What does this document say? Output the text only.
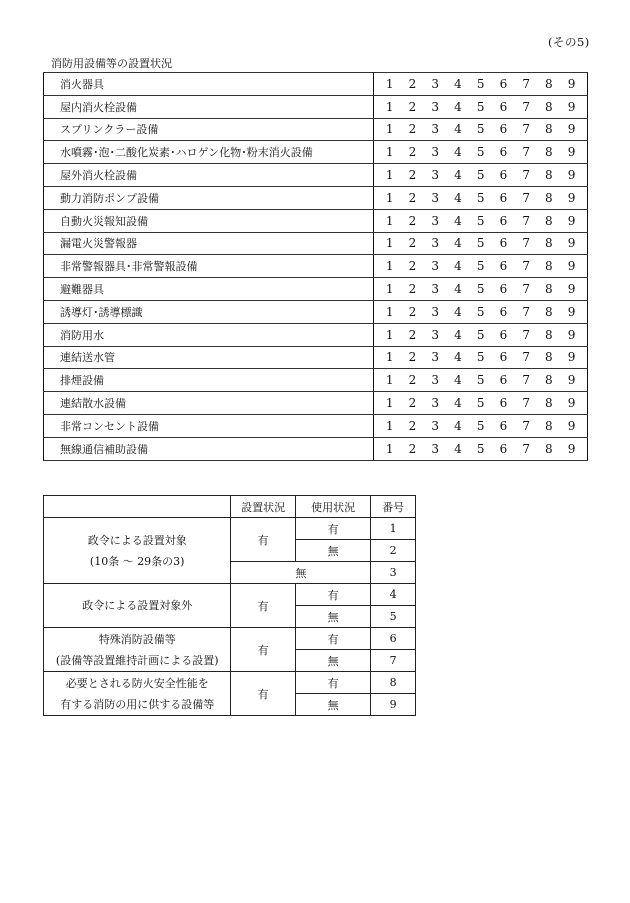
(その5)
消防用設備等の設置状況
消火器具	1	2	3	4	5	6	7	8	9
屋内消火栓設備	1	2	3	4	5	6	7	8	9
スプリンクラー設備	1	2	3	4	5	6	7	8	9
水噴霧･泡･二酸化炭素･ハロゲン化物･粉末消火設備	1	2	3	4	5	6	7	8	9
屋外消火栓設備	1	2	3	4	5	6	7	8	9
動力消防ポンプ設備	1	2	3	4	5	6	7	8	9
自動火災報知設備	1	2	3	4	5	6	7	8	9
漏電火災警報器	1	2	3	4	5	6	7	8	9
非常警報器具･非常警報設備	1	2	3	4	5	6	7	8	9
避難器具	1	2	3	4	5	6	7	8	9
誘導灯･誘導標識	1	2	3	4	5	6	7	8	9
消防用水	1	2	3	4	5	6	7	8	9
連結送水管	1	2	3	4	5	6	7	8	9
排煙設備	1	2	3	4	5	6	7	8	9
連結散水設備	1	2	3	4	5	6	7	8	9
非常コンセント設備	1	2	3	4	5	6	7	8	9
無線通信補助設備	1	2	3	4	5	6	7	8	9
	設置状況	使用状況	番号

政令による設置対象
(10条 ～ 29条の3)	有	有	1
		無	2
	無		3

政令による設置対象外	有	有	4
		無	5

特殊消防設備等
(設備等設置維持計画による設置)	有	有	6
		無	7

必要とされる防火安全性能を
有する消防の用に供する設備等	有	有	8
		無	9
